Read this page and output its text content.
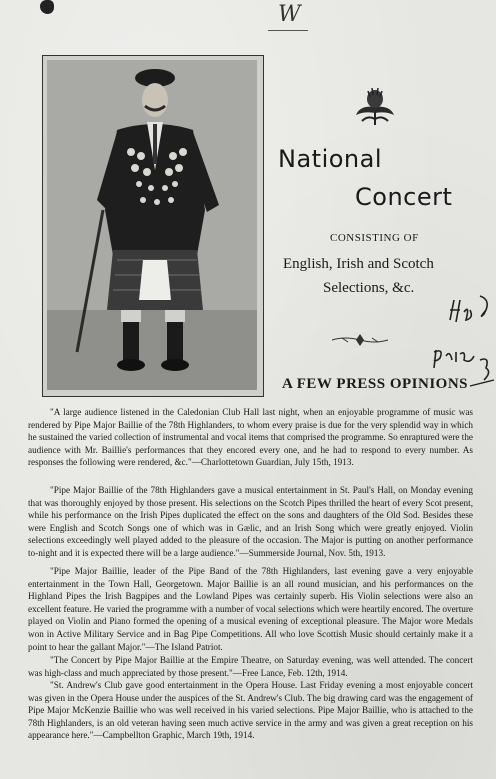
W
National
Concert
CONSISTING OF
English, Irish and Scotch
Selections, &c.
A FEW PRESS OPINIONS

"A large audience listened in the Caledonian Club Hall last night, when an enjoyable programme of music was rendered by Pipe Major Baillie of the 78th Highlanders, to whom every praise is due for the very splendid way in which he sustained the varied collection of instrumental and vocal items that comprised the programme. So enraptured were the audience with Mr. Baillie's performances that they encored every one, and he had to respond to every number. As responses the following were rendered, &c."—Charlottetown Guardian, July 15th, 1913.

"Pipe Major Baillie of the 78th Highlanders gave a musical entertainment in St. Paul's Hall, on Monday evening that was thoroughly enjoyed by those present. His selections on the Scotch Pipes thrilled the heart of every Scot present, while his performance on the Irish Pipes duplicated the effect on the sons and daughters of the Old Sod. Besides these were English and Scotch Songs one of which was in Gælic, and an Irish Song which were greatly enjoyed. Violin selections exceedingly well played added to the pleasure of the occasion. The Major is putting on another performance to-night and it is expected there will be a large audience."—Summerside Journal, Nov. 5th, 1913.

"Pipe Major Baillie, leader of the Pipe Band of the 78th Highlanders, last evening gave a very enjoyable entertainment in the Town Hall, Georgetown. Major Baillie is an all round musician, and his performances on the Highland Pipes the Irish Bagpipes and the Lowland Pipes was certainly superb. His Violin selections were also an excellent feature. He varied the programme with a number of vocal selections which were heartily encored. The overture played on Violin and Piano formed the opening of a musical evening of exceptional pleasure. The Major wore Medals won in Active Military Service and in Bag Pipe Competitions. All who love Scottish Music should certainly make it a point to hear the gallant Major."—The Island Patriot.

"The Concert by Pipe Major Baillie at the Empire Theatre, on Saturday evening, was well attended. The concert was high-class and much appreciated by those present."—Free Lance, Feb. 12th, 1914.

"St. Andrew's Club gave good entertainment in the Opera House. Last Friday evening a most enjoyable concert was given in the Opera House under the auspices of the St. Andrew's Club. The big drawing card was the engagement of Pipe Major McKenzie Baillie who was well received in his varied selections. Pipe Major Baillie, who is attached to the 78th Highlanders, is an old veteran having seen much active service in the army and was given a great reception on his appearance here."—Campbellton Graphic, March 19th, 1914.
